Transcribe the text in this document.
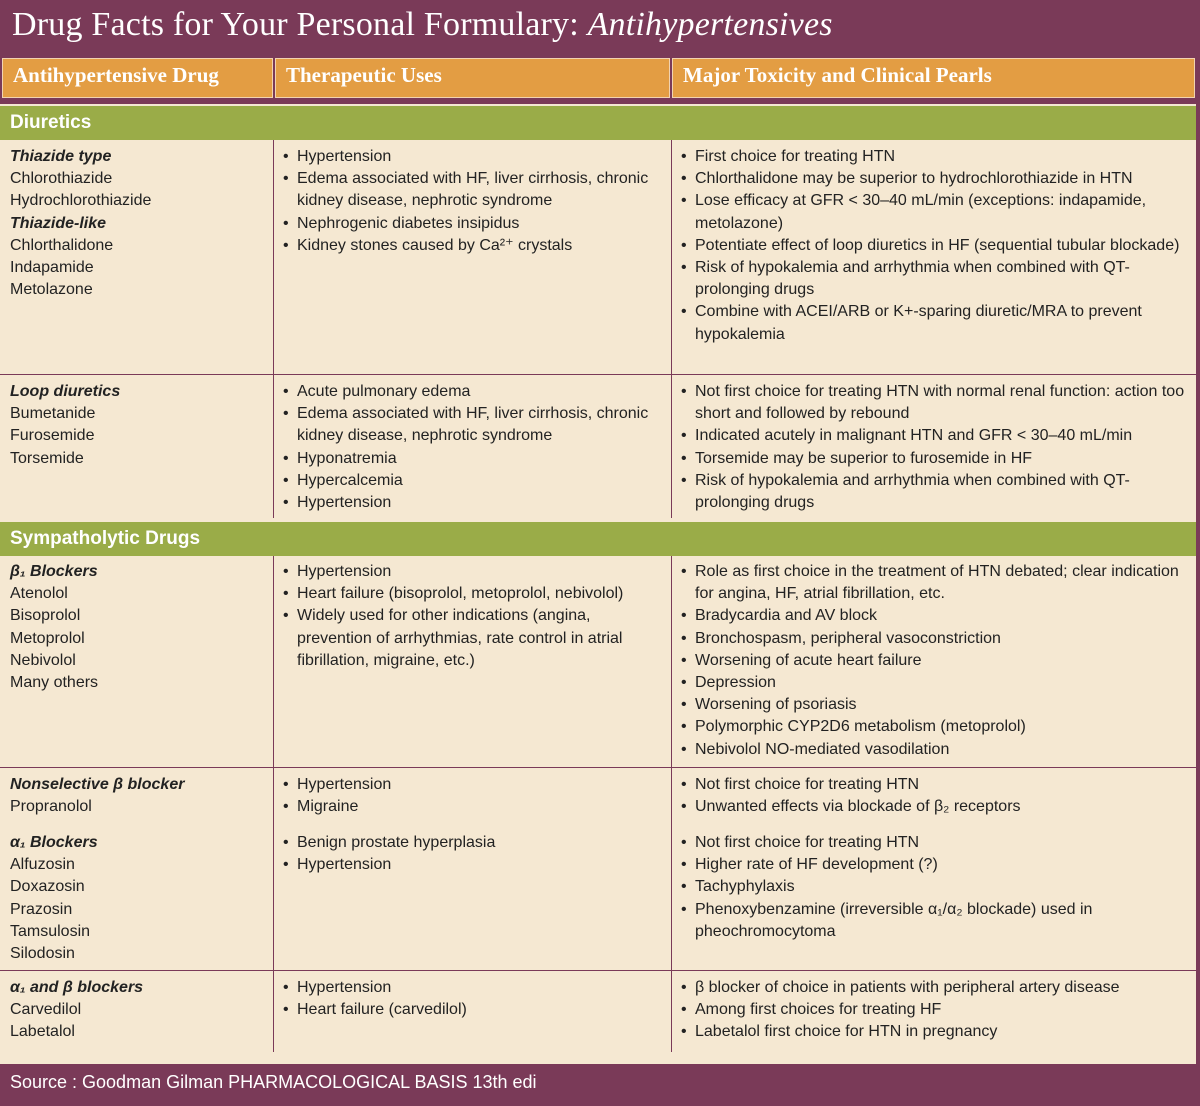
Drug Facts for Your Personal Formulary: Antihypertensives
Antihypertensive Drug	Therapeutic Uses	Major Toxicity and Clinical Pearls
Diuretics
Thiazide type
Chlorothiazide
Hydrochlorothiazide
Thiazide-like
Chlorthalidone
Indapamide
Metolazone
• Hypertension
• Edema associated with HF, liver cirrhosis, chronic kidney disease, nephrotic syndrome
• Nephrogenic diabetes insipidus
• Kidney stones caused by Ca²⁺ crystals
• First choice for treating HTN
• Chlorthalidone may be superior to hydrochlorothiazide in HTN
• Lose efficacy at GFR < 30–40 mL/min (exceptions: indapamide, metolazone)
• Potentiate effect of loop diuretics in HF (sequential tubular blockade)
• Risk of hypokalemia and arrhythmia when combined with QT-prolonging drugs
• Combine with ACEI/ARB or K+-sparing diuretic/MRA to prevent hypokalemia
Loop diuretics
Bumetanide
Furosemide
Torsemide
• Acute pulmonary edema
• Edema associated with HF, liver cirrhosis, chronic kidney disease, nephrotic syndrome
• Hyponatremia
• Hypercalcemia
• Hypertension
• Not first choice for treating HTN with normal renal function: action too short and followed by rebound
• Indicated acutely in malignant HTN and GFR < 30–40 mL/min
• Torsemide may be superior to furosemide in HF
• Risk of hypokalemia and arrhythmia when combined with QT-prolonging drugs
Sympatholytic Drugs
β₁ Blockers
Atenolol
Bisoprolol
Metoprolol
Nebivolol
Many others
• Hypertension
• Heart failure (bisoprolol, metoprolol, nebivolol)
• Widely used for other indications (angina, prevention of arrhythmias, rate control in atrial fibrillation, migraine, etc.)
• Role as first choice in the treatment of HTN debated; clear indication for angina, HF, atrial fibrillation, etc.
• Bradycardia and AV block
• Bronchospasm, peripheral vasoconstriction
• Worsening of acute heart failure
• Depression
• Worsening of psoriasis
• Polymorphic CYP2D6 metabolism (metoprolol)
• Nebivolol NO-mediated vasodilation
Nonselective β blocker
Propranolol
• Hypertension
• Migraine
• Not first choice for treating HTN
• Unwanted effects via blockade of β₂ receptors
α₁ Blockers
Alfuzosin
Doxazosin
Prazosin
Tamsulosin
Silodosin
• Benign prostate hyperplasia
• Hypertension
• Not first choice for treating HTN
• Higher rate of HF development (?)
• Tachyphylaxis
• Phenoxybenzamine (irreversible α₁/α₂ blockade) used in pheochromocytoma
α₁ and β blockers
Carvedilol
Labetalol
• Hypertension
• Heart failure (carvedilol)
• β blocker of choice in patients with peripheral artery disease
• Among first choices for treating HF
• Labetalol first choice for HTN in pregnancy
Source : Goodman Gilman PHARMACOLOGICAL BASIS 13th edi
